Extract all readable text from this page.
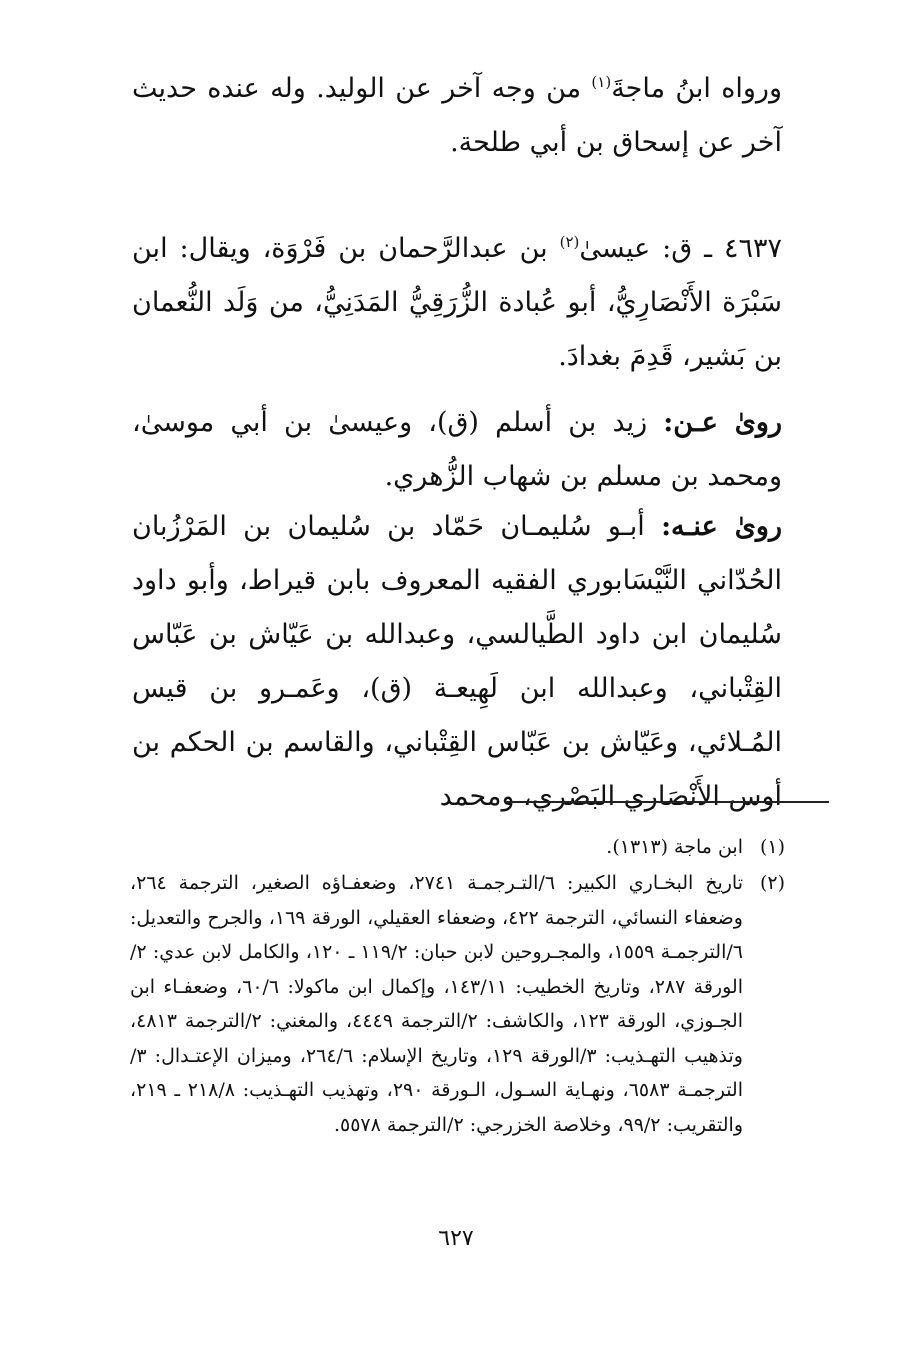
ورواه ابنُ ماجةَ$^{(١)}$ من وجه آخر عن الوليد. وله عنده حديث آخر عن إسحاق بن أبي طلحة.

٤٦٣٧ ـ ق: عيسىٰ$^{(٢)}$ بن عبدالرَّحمان بن فَرْوَة، ويقال: ابن سَبْرَة الأَنْصَارِيُّ، أبو عُبادة الزُّرَقِيُّ المَدَنِيُّ، من وَلَد النُّعمان بن بَشير، قَدِمَ بغدادَ.

روىٰ عـن: زيد بن أسلم (ق)، وعيسىٰ بن أبي موسىٰ، ومحمد بن مسلم بن شهاب الزُّهري.

روىٰ عنـه: أبـو سُليمـان حَمّاد بن سُليمان بن المَرْزُبان الحُدّاني النَّيْسَابوري الفقيه المعروف بابن قيراط، وأبو داود سُليمان ابن داود الطَّيالسي، وعبدالله بن عَيّاش بن عَبّاس القِتْباني، وعبدالله ابن لَهِيعـة (ق)، وعَمـرو بن قيس المُـلائي، وعَيّاش بن عَبّاس القِتْباني، والقاسم بن الحكم بن أوس الأَنْصَاري البَصْري، ومحمد

(١)
ابن ماجة (١٣١٣).
(٢)
تاريخ البخـاري الكبير: ٦/التـرجمـة ٢٧٤١، وضعفـاؤه الصغير، الترجمة ٢٦٤، وضعفاء النسائي، الترجمة ٤٢٢، وضعفاء العقيلي، الورقة ١٦٩، والجرح والتعديل: ٦/الترجمـة ١٥٥٩، والمجـروحين لابن حبان: ١١٩/٢ ـ ١٢٠، والكامل لابن عدي: ٢/الورقة ٢٨٧، وتاريخ الخطيب: ١٤٣/١١، وإكمال ابن ماكولا: ٦٠/٦، وضعفـاء ابن الجـوزي، الورقة ١٢٣، والكاشف: ٢/الترجمة ٤٤٤٩، والمغني: ٢/الترجمة ٤٨١٣، وتذهيب التهـذيب: ٣/الورقة ١٢٩، وتاريخ الإسلام: ٢٦٤/٦، وميزان الإعتـدال: ٣/الترجمـة ٦٥٨٣، ونهـاية السـول، الـورقة ٢٩٠، وتهذيب التهـذيب: ٢١٨/٨ ـ ٢١٩، والتقريب: ٩٩/٢، وخلاصة الخزرجي: ٢/الترجمة ٥٥٧٨.
٦٢٧
